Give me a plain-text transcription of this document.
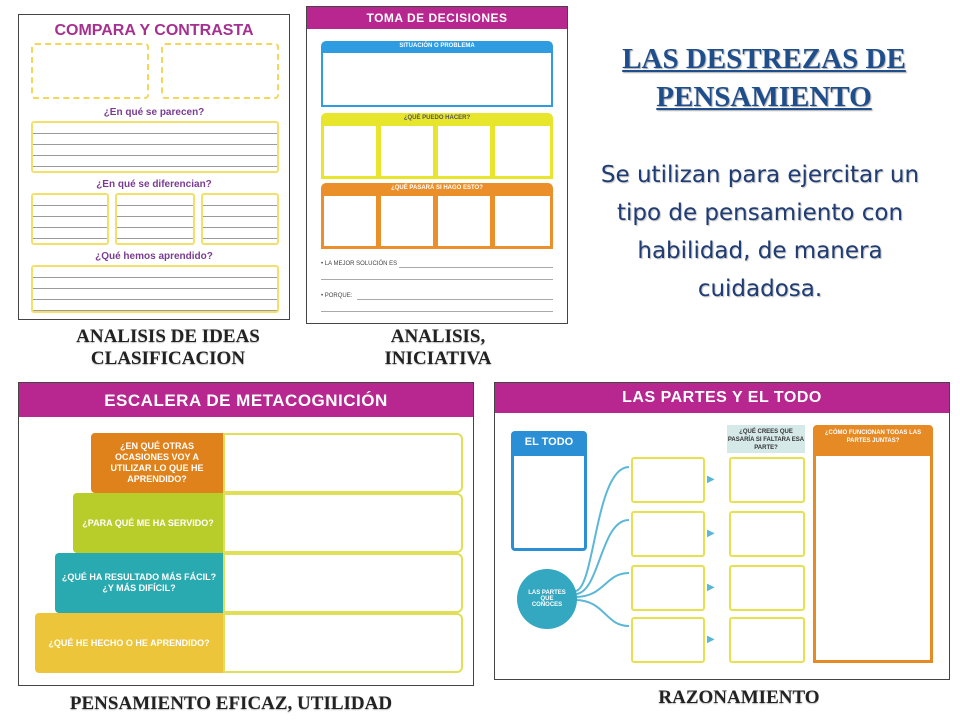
LAS DESTREZAS DE
PENSAMIENTO
Se utilizan para ejercitar un
tipo de pensamiento con
habilidad, de manera
cuidadosa.
COMPARA Y CONTRASTA
¿En qué se parecen?
¿En qué se diferencian?
¿Qué hemos aprendido?
ANALISIS DE IDEAS
CLASIFICACION
TOMA DE DECISIONES
SITUACIÓN O PROBLEMA
¿QUÉ PUEDO HACER?
¿QUÉ PASARÁ SI HAGO ESTO?
• LA MEJOR SOLUCIÓN ES
• PORQUE:
ANALISIS,
INICIATIVA
ESCALERA DE METACOGNICIÓN
¿EN QUÉ OTRAS OCASIONES VOY A UTILIZAR LO QUE HE APRENDIDO?
¿PARA QUÉ ME HA SERVIDO?
¿QUÉ HA RESULTADO MÁS FÁCIL? ¿Y MÁS DIFÍCIL?
¿QUÉ HE HECHO O HE APRENDIDO?
PENSAMIENTO EFICAZ, UTILIDAD
LAS PARTES Y EL TODO
EL TODO
LAS PARTES QUE CONOCES
▶
▶
▶
▶
¿QUÉ CREES QUE PASARÍA SI FALTARA ESA PARTE?
¿CÓMO FUNCIONAN TODAS LAS PARTES JUNTAS?
RAZONAMIENTO
